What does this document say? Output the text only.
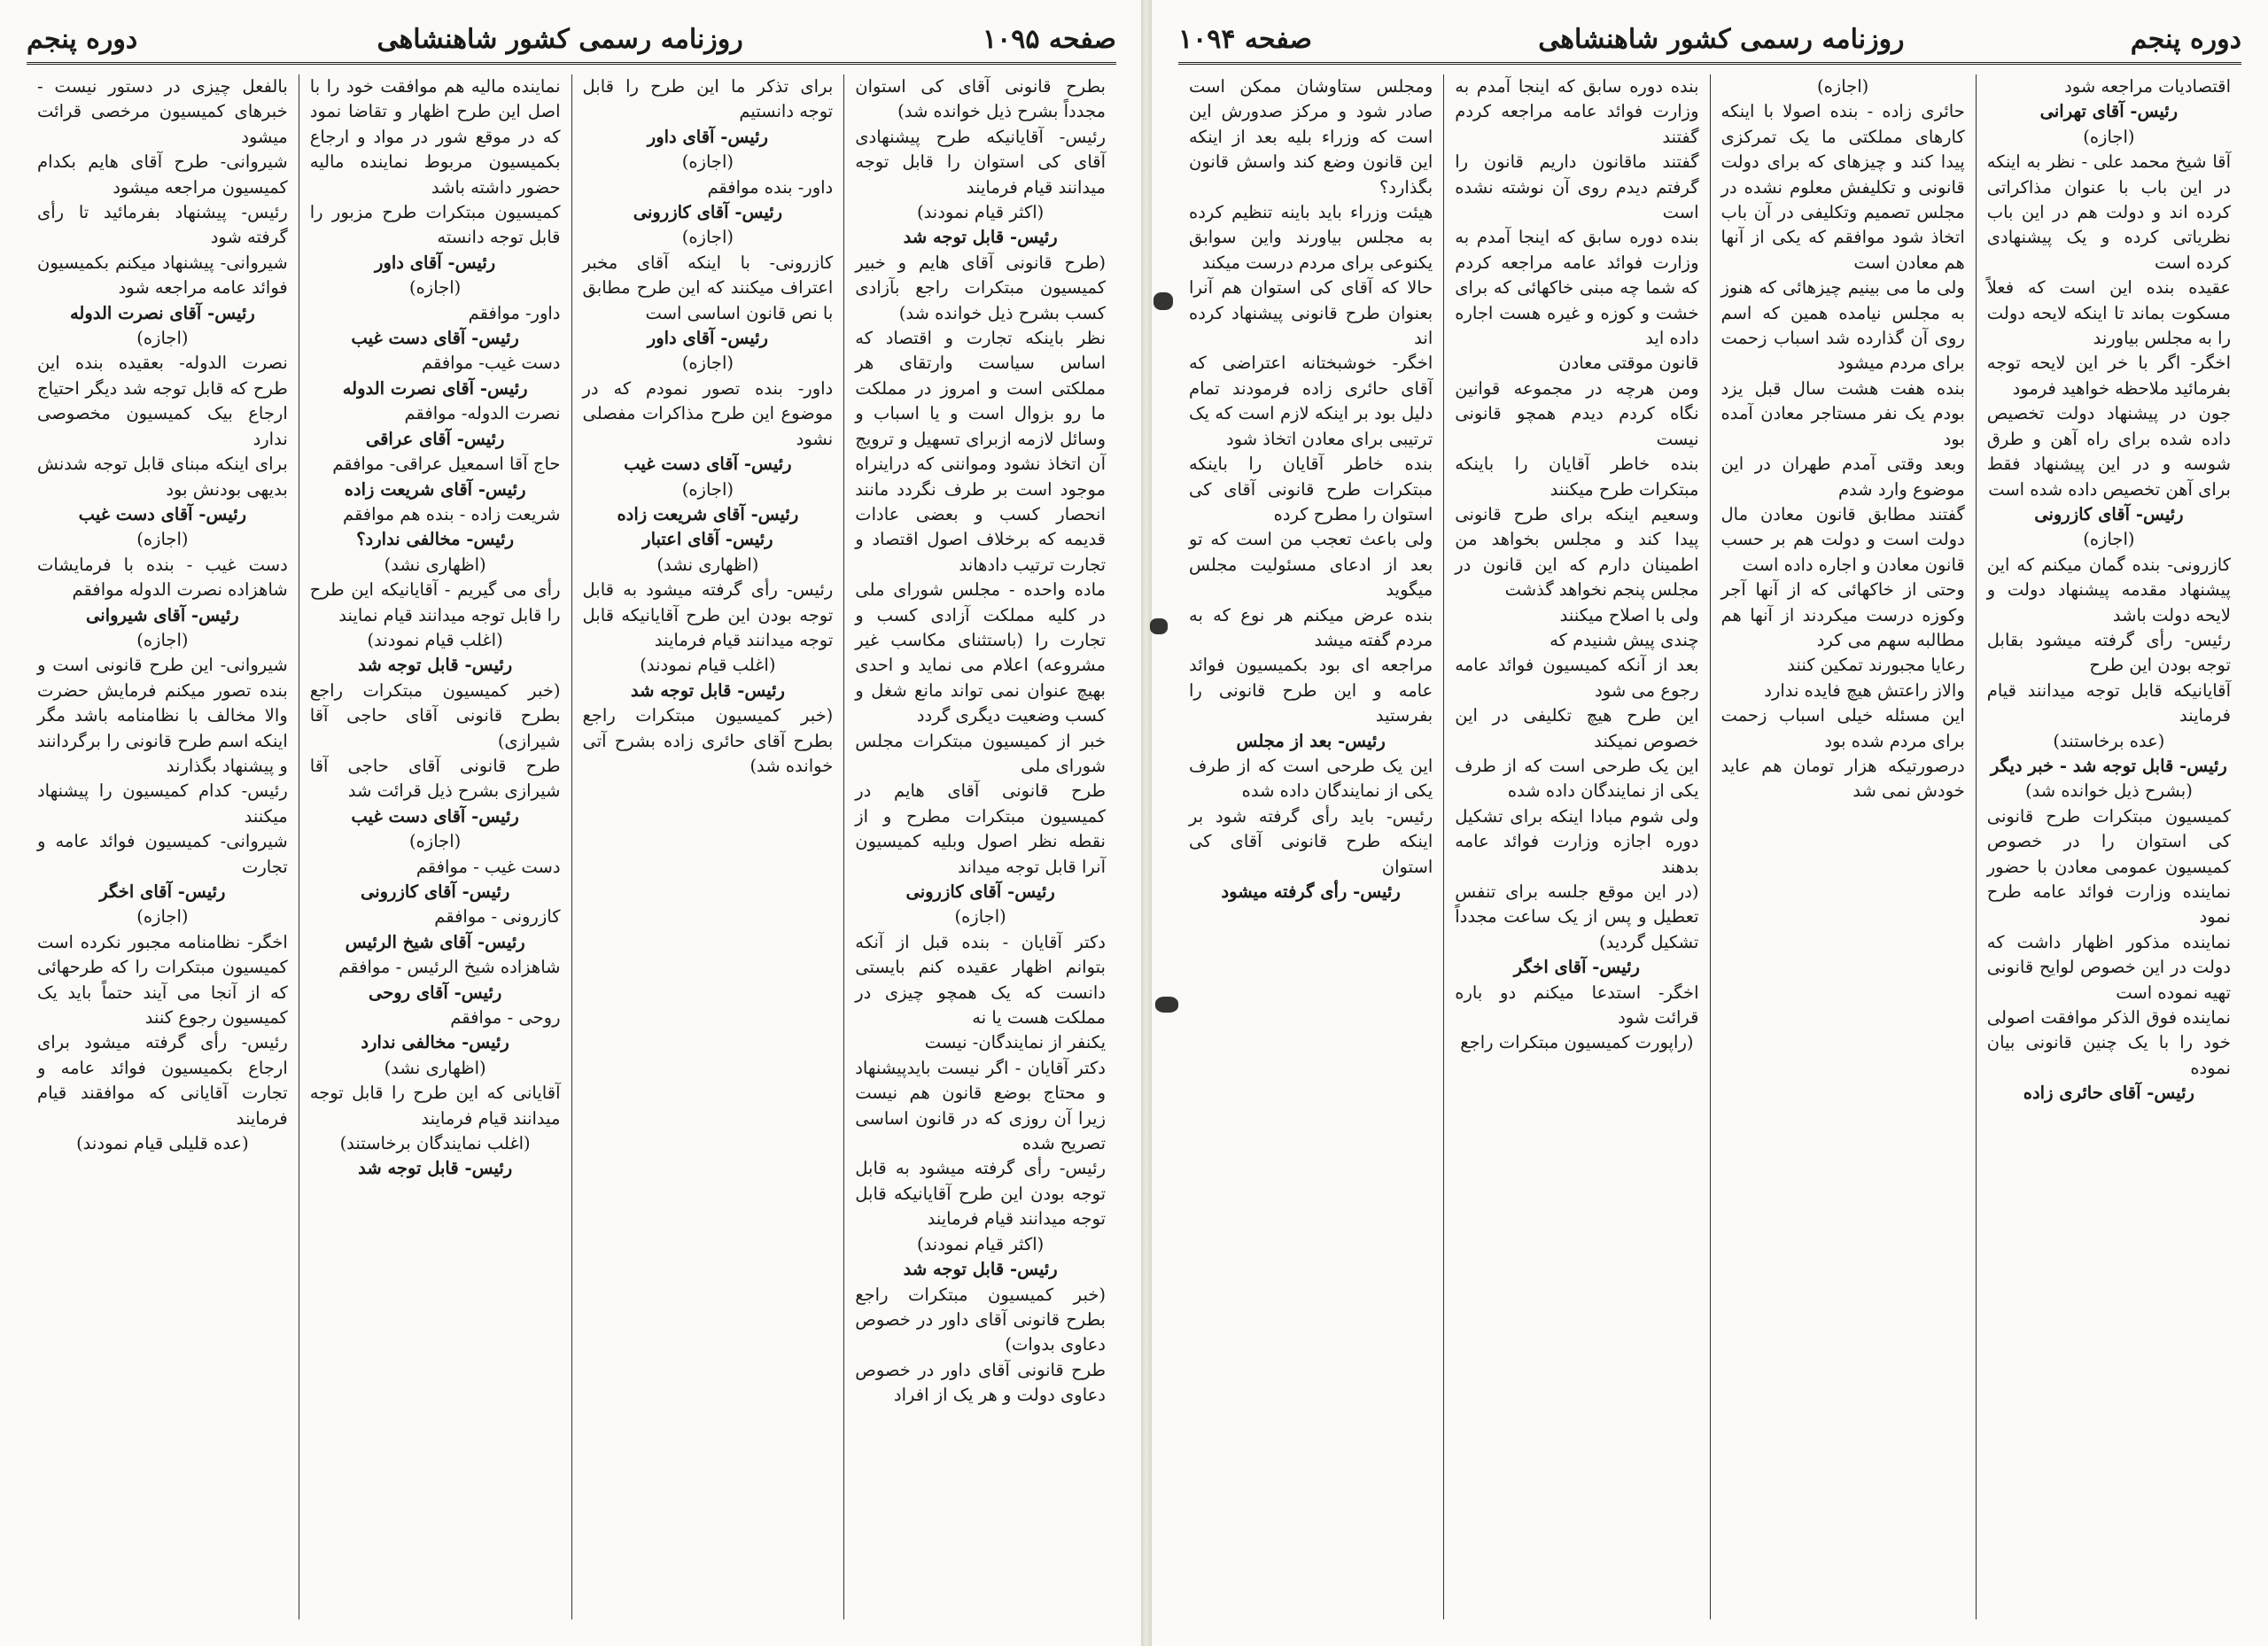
صفحه ۱۰۹۵
روزنامه رسمی کشور شاهنشاهی
دوره پنجم

بطرح قانونی آقای کی استوان مجدداً بشرح ذیل خوانده شد)

رئیس- آقایانیکه طرح پیشنهادی آقای کی استوان را قابل توجه میدانند قیام فرمایند

(اکثر قیام نمودند)

رئیس- قابل توجه شد

(طرح قانونی آقای هایم و خبیر کمیسیون مبتکرات راجع بآزادی کسب بشرح ذیل خوانده شد)

نظر باینکه تجارت و اقتصاد که اساس سیاست وارتقای هر مملکتی است و امروز در مملکت ما رو بزوال است و یا اسباب و وسائل لازمه ازبرای تسهیل و ترویج آن اتخاذ نشود ومواننی که دراینراه موجود است بر طرف نگردد مانند انحصار کسب و بعضی عادات قدیمه که برخلاف اصول اقتصاد و تجارت ترتیب دادهاند

ماده واحده - مجلس شورای ملی در کلیه مملکت آزادی کسب و تجارت را (باستثنای مکاسب غیر مشروعه) اعلام می نماید و احدی بهیچ عنوان نمی تواند مانع شغل و کسب وضعیت دیگری گردد

خبر از کمیسیون مبتکرات مجلس شورای ملی

طرح قانونی آقای هایم در کمیسیون مبتکرات مطرح و از نقطه نظر اصول وبلیه کمیسیون آنرا قابل توجه میداند

رئیس- آقای کازرونی

(اجازه)

دکتر آقایان - بنده قبل از آنکه بتوانم اظهار عقیده کنم بایستی دانست که یک همچو چیزی در مملکت هست یا نه

یکنفر از نمایندگان- نیست

دکتر آقایان - اگر نیست بایدپیشنهاد و محتاج بوضع قانون هم نیست زیرا آن روزی که در قانون اساسی تصریح شده

رئیس- رأی گرفته میشود به قابل توجه بودن این طرح آقایانیکه قابل توجه میدانند قیام فرمایند

(اکثر قیام نمودند)

رئیس- قابل توجه شد

(خبر کمیسیون مبتکرات راجع بطرح قانونی آقای داور در خصوص دعاوی بدوات)

طرح قانونی آقای داور در خصوص دعاوی دولت و هر یک از افراد

برای تذکر ما این طرح را قابل توجه دانستیم

رئیس- آقای داور

(اجازه)

داور- بنده موافقم

رئیس- آقای کازرونی

(اجازه)

کازرونی- با اینکه آقای مخبر اعتراف میکنند که این طرح مطابق با نص قانون اساسی است

رئیس- آقای داور

(اجازه)

داور- بنده تصور نمودم که در موضوع این طرح مذاکرات مفصلی نشود

رئیس- آقای دست غیب

(اجازه)

رئیس- آقای شریعت زاده

رئیس- آقای اعتبار

(اظهاری نشد)

رئیس- رأی گرفته میشود به قابل توجه بودن این طرح آقایانیکه قابل توجه میدانند قیام فرمایند

(اغلب قیام نمودند)

رئیس- قابل توجه شد

(خبر کمیسیون مبتکرات راجع بطرح آقای حائری زاده بشرح آتی خوانده شد)

نماینده مالیه هم موافقت خود را با اصل این طرح اظهار و تقاضا نمود که در موقع شور در مواد و ارجاع بکمیسیون مربوط نماینده مالیه حضور داشته باشد

کمیسیون مبتکرات طرح مزبور را قابل توجه دانسته

رئیس- آقای داور

(اجازه)

داور- موافقم

رئیس- آقای دست غیب

دست غیب- موافقم

رئیس- آقای نصرت الدوله

نصرت الدوله- موافقم

رئیس- آقای عراقی

حاج آقا اسمعیل عراقی- موافقم

رئیس- آقای شریعت زاده

شریعت زاده - بنده هم موافقم

رئیس- مخالفی ندارد؟

(اظهاری نشد)

رأی می گیریم - آقایانیکه این طرح را قابل توجه میدانند قیام نمایند

(اغلب قیام نمودند)

رئیس- قابل توجه شد

(خبر کمیسیون مبتکرات راجع بطرح قانونی آقای حاجی آقا شیرازی)

طرح قانونی آقای حاجی آقا شیرازی بشرح ذیل قرائت شد

رئیس- آقای دست غیب

(اجازه)

دست غیب - موافقم

رئیس- آقای کازرونی

کازرونی - موافقم

رئیس- آقای شیخ الرئیس

شاهزاده شیخ الرئیس - موافقم

رئیس- آقای روحی

روحی - موافقم

رئیس- مخالفی ندارد

(اظهاری نشد)

آقایانی که این طرح را قابل توجه میدانند قیام فرمایند

(اغلب نمایندگان برخاستند)

رئیس- قابل توجه شد

بالفعل چیزی در دستور نیست - خبرهای کمیسیون مرخصی قرائت میشود

شیروانی- طرح آقای هایم بکدام کمیسیون مراجعه میشود

رئیس- پیشنهاد بفرمائید تا رأی گرفته شود

شیروانی- پیشنهاد میکنم بکمیسیون فوائد عامه مراجعه شود

رئیس- آقای نصرت الدوله

(اجازه)

نصرت الدوله- بعقیده بنده این طرح که قابل توجه شد دیگر احتیاج ارجاع بیک کمیسیون مخصوصی ندارد

برای اینکه مبنای قابل توجه شدنش بدیهی بودنش بود

رئیس- آقای دست غیب

(اجازه)

دست غیب - بنده با فرمایشات شاهزاده نصرت الدوله موافقم

رئیس- آقای شیروانی

(اجازه)

شیروانی- این طرح قانونی است و بنده تصور میکنم فرمایش حضرت والا مخالف با نظامنامه باشد مگر اینکه اسم طرح قانونی را برگردانند و پیشنهاد بگذارند

رئیس- کدام کمیسیون را پیشنهاد میکنند

شیروانی- کمیسیون فوائد عامه و تجارت

رئیس- آقای اخگر

(اجازه)

اخگر- نظامنامه مجبور نکرده است کمیسیون مبتکرات را که طرحهائی که از آنجا می آیند حتماً باید یک کمیسیون رجوع کنند

رئیس- رأی گرفته میشود برای ارجاع بکمیسیون فوائد عامه و تجارت آقایانی که موافقند قیام فرمایند

(عده قلیلی قیام نمودند)

دوره پنجم
روزنامه رسمی کشور شاهنشاهی
صفحه ۱۰۹۴

اقتصادیات مراجعه شود

رئیس- آقای تهرانی

(اجازه)

آقا شیخ محمد علی - نظر به اینکه در این باب با عنوان مذاکراتی کرده اند و دولت هم در این باب نظریاتی کرده و یک پیشنهادی کرده است

عقیده بنده این است که فعلاً مسکوت بماند تا اینکه لایحه دولت را به مجلس بیاورند

اخگر- اگر با خر این لایحه توجه بفرمائید ملاحظه خواهید فرمود

جون در پیشنهاد دولت تخصیص داده شده برای راه آهن و طرق شوسه و در این پیشنهاد فقط برای آهن تخصیص داده شده است

رئیس- آقای کازرونی

(اجازه)

کازرونی- بنده گمان میکنم که این پیشنهاد مقدمه پیشنهاد دولت و لایحه دولت باشد

رئیس- رأی گرفته میشود بقابل توجه بودن این طرح

آقایانیکه قابل توجه میدانند قیام فرمایند

(عده برخاستند)

رئیس- قابل توجه شد - خبر دیگر

(بشرح ذیل خوانده شد)

کمیسیون مبتکرات طرح قانونی کی استوان را در خصوص کمیسیون عمومی معادن با حضور نماینده وزارت فوائد عامه طرح نمود

نماینده مذکور اظهار داشت که دولت در این خصوص لوایح قانونی تهیه نموده است

نماینده فوق الذکر موافقت اصولی خود را با یک چنین قانونی بیان نموده

رئیس- آقای حائری زاده

(اجازه)

حائری زاده - بنده اصولا با اینکه کارهای مملکتی ما یک تمرکزی پیدا کند و چیزهای که برای دولت قانونی و تکلیفش معلوم نشده در مجلس تصمیم وتکلیفی در آن باب اتخاذ شود موافقم که یکی از آنها هم معادن است

ولی ما می بینیم چیزهائی که هنوز به مجلس نیامده همین که اسم روی آن گذارده شد اسباب زحمت برای مردم میشود

بنده هفت هشت سال قبل یزد بودم یک نفر مستاجر معادن آمده بود

وبعد وقتی آمدم طهران در این موضوع وارد شدم

گفتند مطابق قانون معادن مال دولت است و دولت هم بر حسب قانون معادن و اجاره داده است

وحتی از خاکهائی که از آنها آجر وکوزه درست میکردند از آنها هم مطالبه سهم می کرد

رعایا مجبورند تمکین کنند

والاز راعتش هیچ فایده ندارد

این مسئله خیلی اسباب زحمت برای مردم شده بود

درصورتیکه هزار تومان هم عاید خودش نمی شد

بنده دوره سابق که اینجا آمدم به وزارت فوائد عامه مراجعه کردم گفتند

گفتند ماقانون داریم قانون را گرفتم دیدم روی آن نوشته نشده است

بنده دوره سابق که اینجا آمدم به وزارت فوائد عامه مراجعه کردم که شما چه مبنی خاکهائی که برای خشت و کوزه و غیره هست اجاره داده اید

قانون موقتی معادن

ومن هرچه در مجموعه قوانین نگاه کردم دیدم همچو قانونی نیست

بنده خاطر آقایان را باینکه مبتکرات طرح میکنند

وسعیم اینکه برای طرح قانونی پیدا کند و مجلس بخواهد من اطمینان دارم که این قانون در مجلس پنجم نخواهد گذشت

ولی با اصلاح میکنند

چندی پیش شنیدم که

بعد از آنکه کمیسیون فوائد عامه رجوع می شود

این طرح هیچ تکلیفی در این خصوص نمیکند

این یک طرحی است که از طرف یکی از نمایندگان داده شده

ولی شوم مبادا اینکه برای تشکیل دوره اجازه وزارت فوائد عامه بدهند

(در این موقع جلسه برای تنفس تعطیل و پس از یک ساعت مجدداً تشکیل گردید)

رئیس- آقای اخگر

اخگر- استدعا میکنم دو باره قرائت شود

(راپورت کمیسیون مبتکرات راجع

ومجلس ستاوشان ممکن است صادر شود و مرکز صدورش این است که وزراء بلیه بعد از اینکه این قانون وضع کند واسش قانون بگذارد؟

هیئت وزراء باید باینه تنظیم کرده به مجلس بیاورند واین سوابق یکنوعی برای مردم درست میکند

حالا که آقای کی استوان هم آنرا بعنوان طرح قانونی پیشنهاد کرده اند

اخگر- خوشبختانه اعتراضی که آقای حائری زاده فرمودند تمام دلیل بود بر اینکه لازم است که یک ترتیبی برای معادن اتخاذ شود

بنده خاطر آقایان را باینکه مبتکرات طرح قانونی آقای کی استوان را مطرح کرده

ولی باعث تعجب من است که تو بعد از ادعای مسئولیت مجلس میگوید

بنده عرض میکنم هر نوع که به مردم گفته میشد

مراجعه ای بود بکمیسیون فوائد عامه و این طرح قانونی را بفرستید

رئیس- بعد از مجلس

این یک طرحی است که از طرف یکی از نمایندگان داده شده

رئیس- باید رأی گرفته شود بر اینکه طرح قانونی آقای کی استوان

رئیس- رأی گرفته میشود
